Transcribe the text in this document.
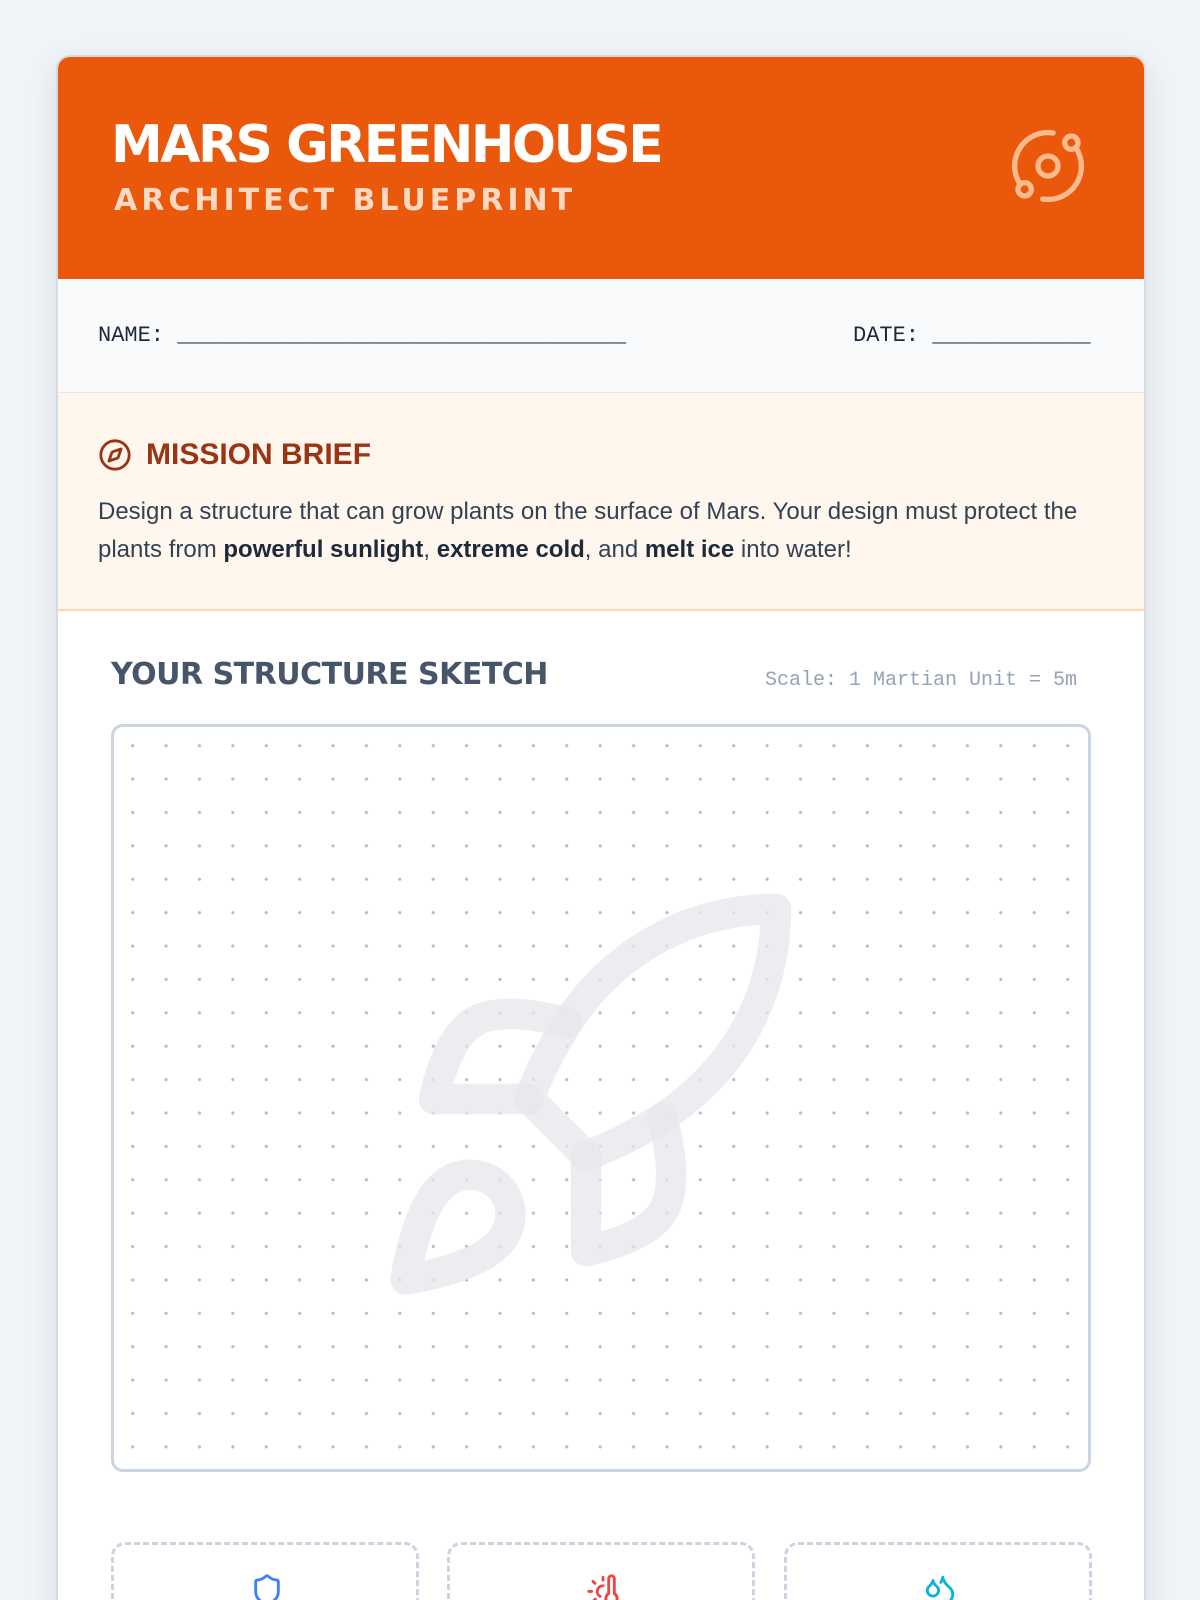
MARS GREENHOUSE
ARCHITECT BLUEPRINT
NAME: __________________________________	DATE: ____________
MISSION BRIEF

Design a structure that can grow plants on the surface of Mars. Your design must protect the plants from powerful sunlight, extreme cold, and melt ice into water!

YOUR STRUCTURE SKETCH	Scale: 1 Martian Unit = 5m
